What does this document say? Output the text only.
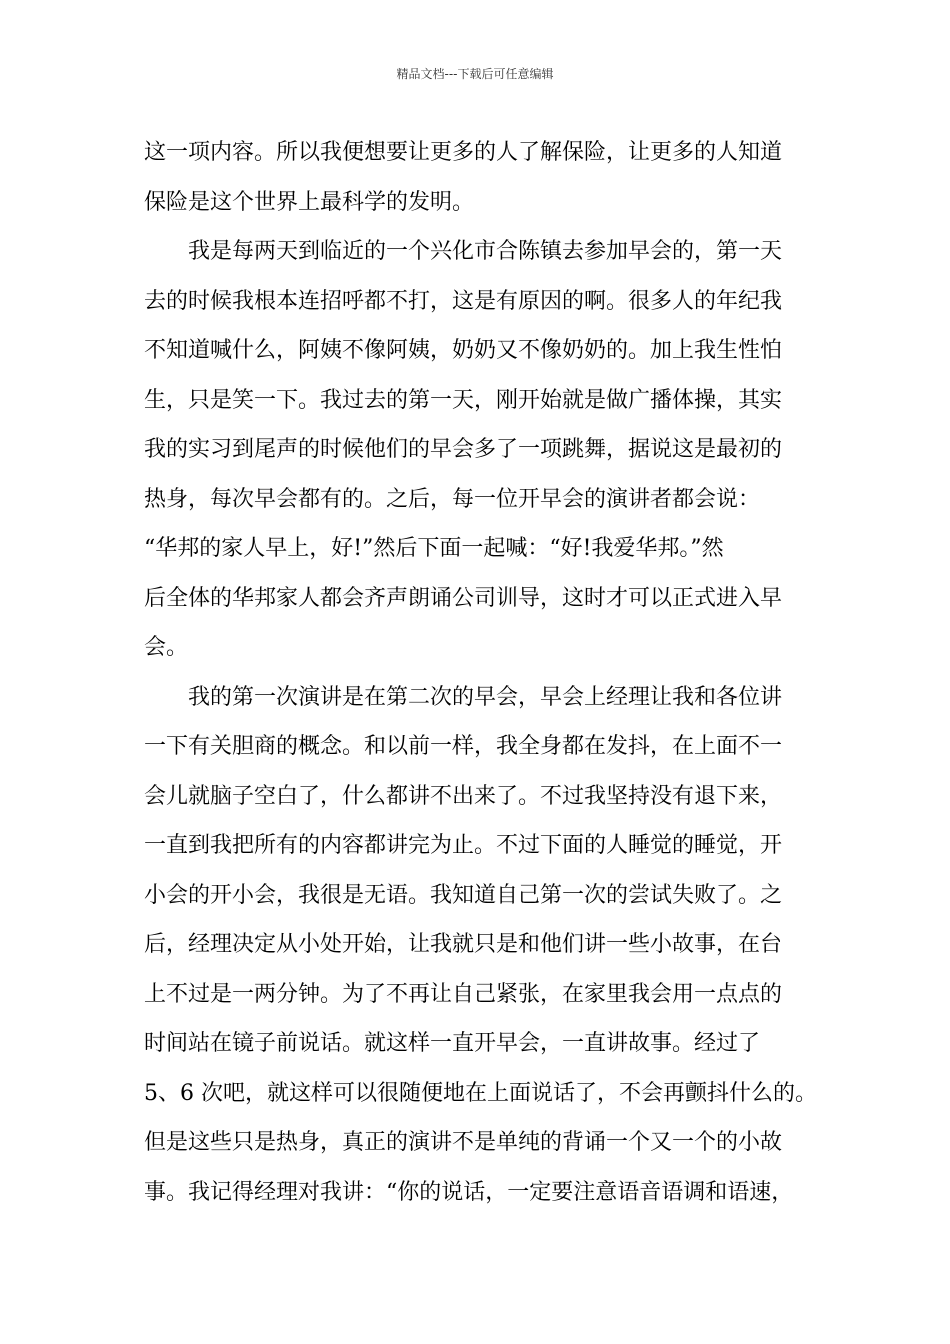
精品文档---下载后可任意编辑
这一项内容。所以我便想要让更多的人了解保险，让更多的人知道
保险是这个世界上最科学的发明。
　　我是每两天到临近的一个兴化市合陈镇去参加早会的，第一天
去的时候我根本连招呼都不打，这是有原因的啊。很多人的年纪我
不知道喊什么，阿姨不像阿姨，奶奶又不像奶奶的。加上我生性怕
生，只是笑一下。我过去的第一天，刚开始就是做广播体操，其实
我的实习到尾声的时候他们的早会多了一项跳舞，据说这是最初的
热身，每次早会都有的。之后，每一位开早会的演讲者都会说：
“华邦的家人早上，好!”然后下面一起喊：“好!我爱华邦。”然
后全体的华邦家人都会齐声朗诵公司训导，这时才可以正式进入早
会。
　　我的第一次演讲是在第二次的早会，早会上经理让我和各位讲
一下有关胆商的概念。和以前一样，我全身都在发抖，在上面不一
会儿就脑子空白了，什么都讲不出来了。不过我坚持没有退下来，
一直到我把所有的内容都讲完为止。不过下面的人睡觉的睡觉，开
小会的开小会，我很是无语。我知道自己第一次的尝试失败了。之
后，经理决定从小处开始，让我就只是和他们讲一些小故事，在台
上不过是一两分钟。为了不再让自己紧张，在家里我会用一点点的
时间站在镜子前说话。就这样一直开早会，一直讲故事。经过了
5、6 次吧，就这样可以很随便地在上面说话了，不会再颤抖什么的。
但是这些只是热身，真正的演讲不是单纯的背诵一个又一个的小故
事。我记得经理对我讲：“你的说话，一定要注意语音语调和语速，
